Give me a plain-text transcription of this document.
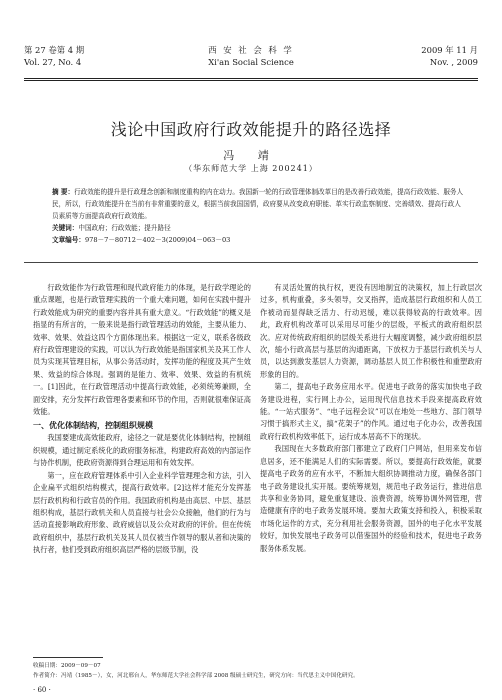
第 27 卷第 4 期
Vol. 27, No. 4
西 安 社 会 科 学
Xi'an Social Science
2009 年 11 月
Nov. , 2009
浅论中国政府行政效能提升的路径选择
冯 靖
（华东师范大学 上海 200241）

摘 要：行政效能的提升是行政理念创新和制度重构的内在动力。我国新一轮的行政管理体制改革目的是改善行政效能，提高行政效能、服务人民，所以，行政效能提升在当前有非常重要的意义，根据当前我国国情，政府要从改变政府职能、革实行政监察制度、完善绩效、提高行政人员素质等方面提高政府行政效能。

关键词：中国政府；行政效能；提升路径

文章编号：978－7－80712－402－3(2009)04－063－03

行政效能作为行政管理和现代政府能力的体现，是行政学理论的重点课题，也是行政管理实践的一个重大难问题，如何在实践中提升行政效能成为研究的重要内容并具有重大意义。“行政效能”的概义是指显的有所言的，一般来说是指行政管理活动的效能，主要从能力、效率、效果、效益这四个方面体现出来。根据这一定义，联系各级政府行政管理建设的实践，可以认为行政效能是指国家机关及其工作人员为实现其管理目标，从事公务活动时，发挥功能的程度及其产生效果、效益的综合体现。强调的是能力、效率、效果、效益的有机统一。[1]因此，在行政管理活动中提高行政效能，必须统筹兼顾，全面安排，充分发挥行政管理各要素和环节的作用，否则就很难保证高效能。

一、优化体制结构，控制组织规模

我国要建成高效能政府，途径之一就是要优化体制结构，控制组织规模，通过制定系统化的政府服务标准，构建政府高效的内部运作与协作机制，使政府资源得到合理运用和有效发挥。

第一，应在政府管理体系中引入企业科学管理理念和方法，引入企业扁平式组织结构模式，提高行政效率。[2]这样才能充分发挥基层行政机构和行政官员的作用。我国政府机构是由高层、中层、基层组织构成，基层行政机关和人员直接与社会公众接触，他们的行为与活动直接影响政府形象、政府威信以及公众对政府的评价。但在传统政府组织中，基层行政机关及其人员仅被当作领导的服从者和决策的执行者，他们受到政府组织高层严格的层级节制，没

有灵活处置的执行权，更没有因地制宜的决策权，加上行政层次过多，机构重叠，多头领导，交叉指挥，造成基层行政组织和人员工作被动而显得缺乏活力、行动迟缓，难以获得较高的行政效率。因此，政府机构改革可以采用尽可能少的层级，平板式的政府组织层次。应对传统政府组织的层级关系进行大幅度调整，减少政府组织层次，缩小行政高层与基层的沟通距离，下放权力于基层行政机关与人员，以达到激发基层人力资源，调动基层人员工作积极性和重塑政府形象的目的。

第二，提高电子政务应用水平。促进电子政务的落实加快电子政务建设进程，实行网上办公，运用现代信息技术手段来提高政府效能。“一站式服务”、“电子远程会议”可以在地处一些地方、部门领导习惯于搞形式主义，搞“花架子”的作风。通过电子化办公，改善我国政府行政机构效率低下，运行成本居高不下的现状。

我国现在大多数政府部门都建立了政府门户网站，但用来发布信息居多，还不能满足人们的实际需要。所以，要提高行政效能，就要提高电子政务的应有水平，不断加大组织协调推动力度，确保各部门电子政务建设扎实开展。要统筹规划，规范电子政务运行，推进信息共享和业务协同，避免重复建设、浪费资源，统筹协调外网管理，营造健康有序的电子政务发展环境。要加大政策支持和投入，积极采取市场化运作的方式，充分利用社会服务资源，国外的电子化水平发展较好，加快发展电子政务可以借鉴国外的经验和技术，促进电子政务服务体系发展。

收稿日期：2009－09－07
作者简介：冯靖（1985－），女，河北邢台人，华东师范大学社会科学部 2008 级硕士研究生，研究方向：当代思主义中国化研究。
· 60 ·
